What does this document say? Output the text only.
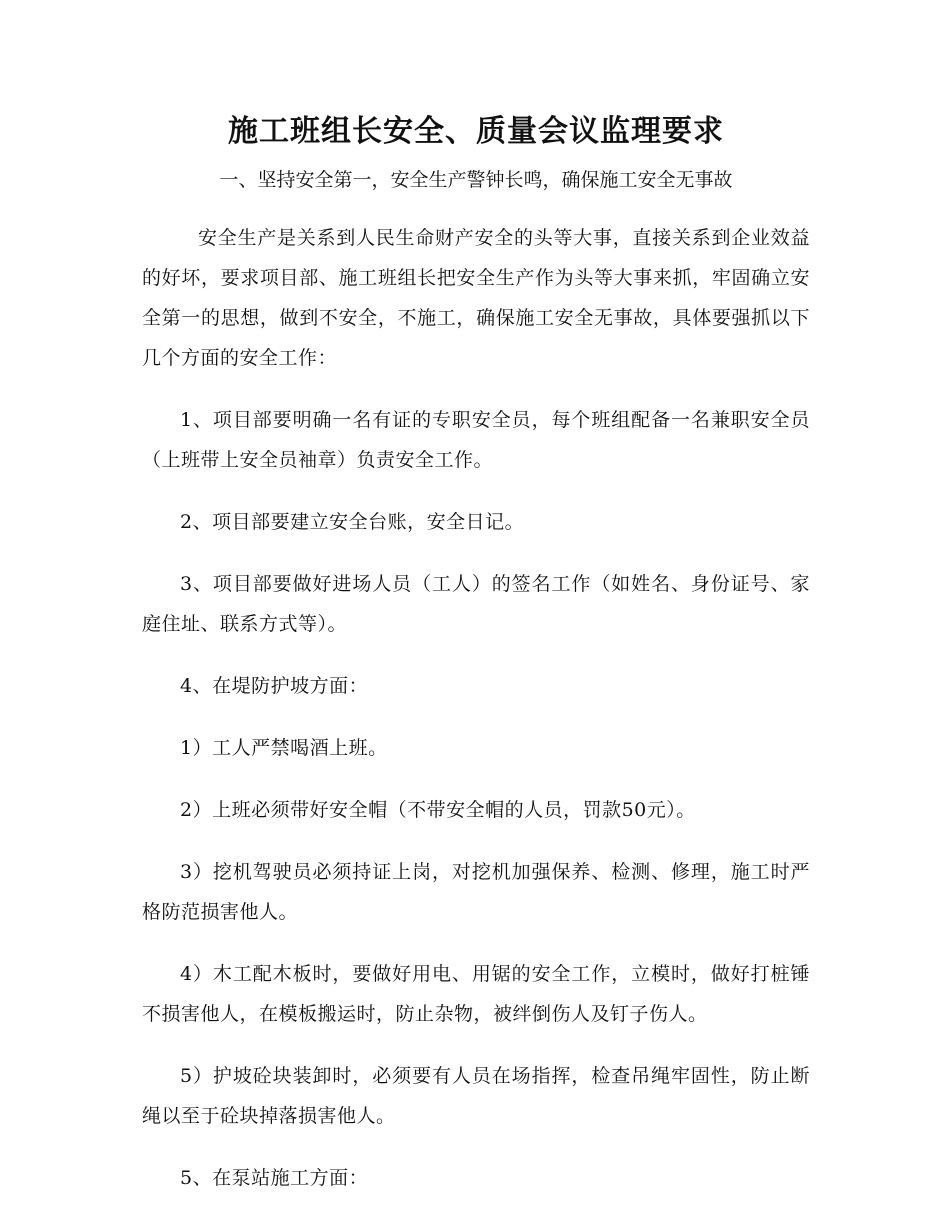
施工班组长安全、质量会议监理要求
一、坚持安全第一，安全生产警钟长鸣，确保施工安全无事故

安全生产是关系到人民生命财产安全的头等大事，直接关系到企业效益的好坏，要求项目部、施工班组长把安全生产作为头等大事来抓，牢固确立安全第一的思想，做到不安全，不施工，确保施工安全无事故，具体要强抓以下几个方面的安全工作：

1、项目部要明确一名有证的专职安全员，每个班组配备一名兼职安全员（上班带上安全员袖章）负责安全工作。

2、项目部要建立安全台账，安全日记。

3、项目部要做好进场人员（工人）的签名工作（如姓名、身份证号、家庭住址、联系方式等）。

4、在堤防护坡方面：

1）工人严禁喝酒上班。

2）上班必须带好安全帽（不带安全帽的人员，罚款50元）。

3）挖机驾驶员必须持证上岗，对挖机加强保养、检测、修理，施工时严格防范损害他人。

4）木工配木板时，要做好用电、用锯的安全工作，立模时，做好打桩锤不损害他人，在模板搬运时，防止杂物，被绊倒伤人及钉子伤人。

5）护坡砼块装卸时，必须要有人员在场指挥，检查吊绳牢固性，防止断绳以至于砼块掉落损害他人。

5、在泵站施工方面：
